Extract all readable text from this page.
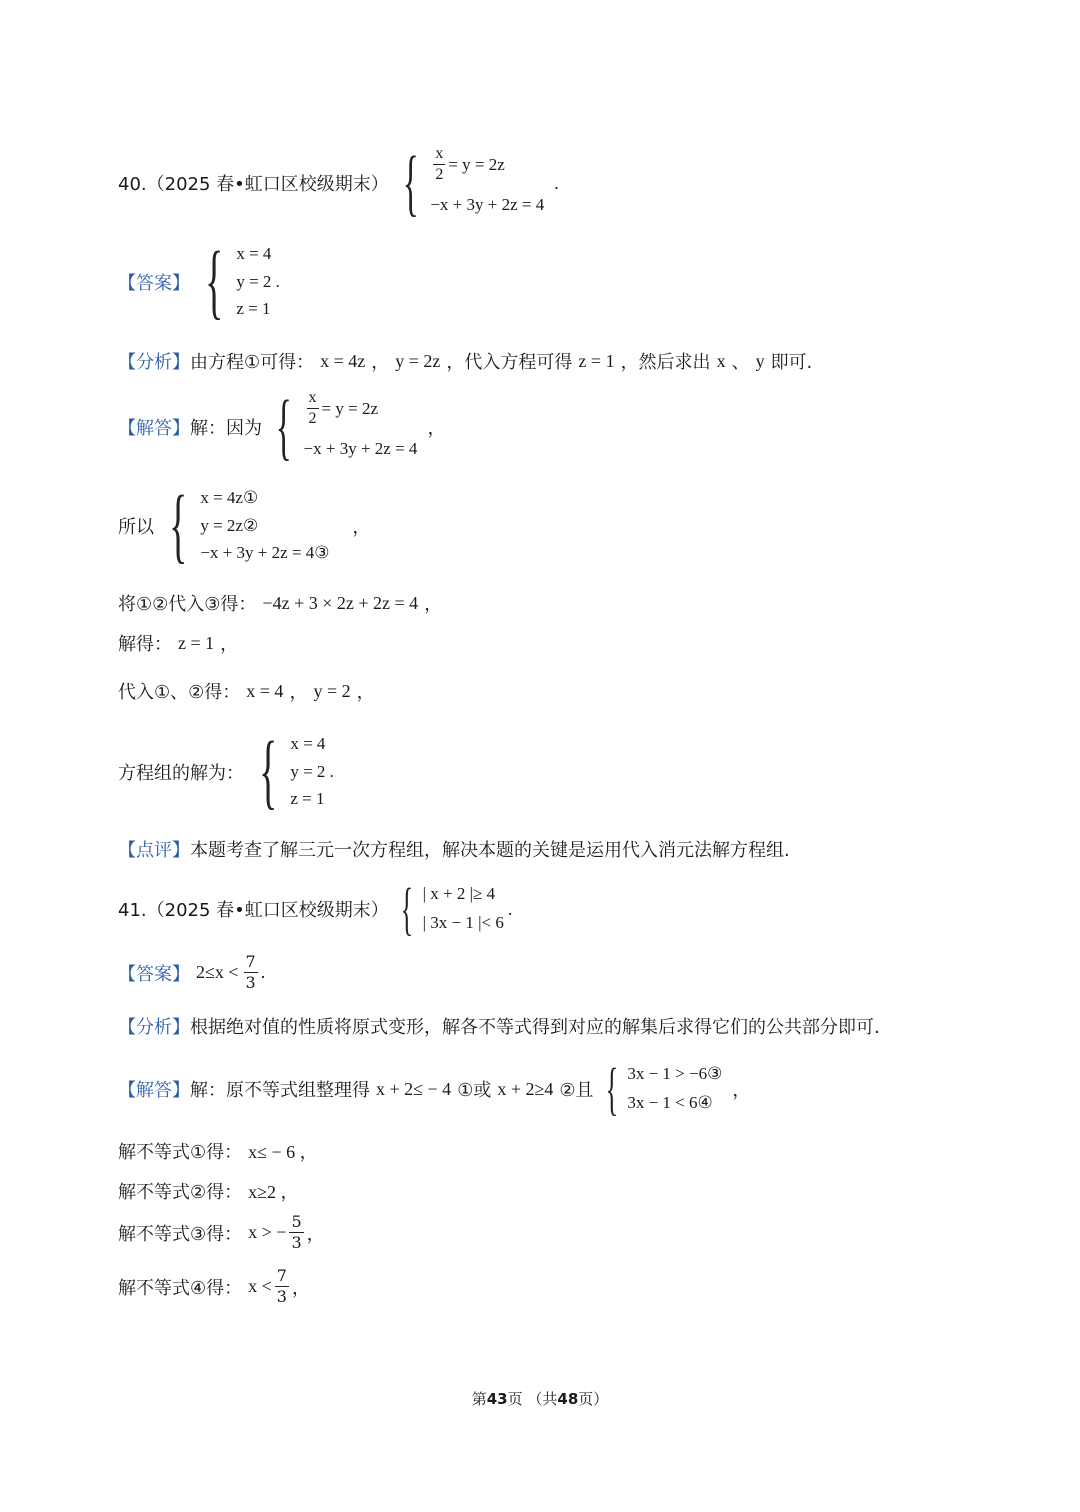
40.（2025 春•虹口区校级期末） { $\frac{x}{2} = y = 2z$
−x + 3y + 2z = 4
.
【答案】 { x = 4
y = 2 .
z = 1
【分析】 由方程①可得： x = 4z ， y = 2z ，代入方程可得 z = 1 ，然后求出 x 、 y 即可.
【解答】 解：因为 { $\frac{x}{2} = y = 2z$
−x + 3y + 2z = 4
，
所以 { x = 4z①
y = 2z②
−x + 3y + 2z = 4③
，
将①②代入③得： −4z + 3 × 2z + 2z = 4 ，
解得： z = 1 ，
代入①、②得： x = 4 ， y = 2 ，
方程组的解为： { x = 4
y = 2 .
z = 1
【点评】 本题考查了解三元一次方程组，解决本题的关键是运用代入消元法解方程组.
41.（2025 春•虹口区校级期末） { | x + 2 |≥ 4
| 3x − 1 |< 6
.
【答案】 $2\le x < \frac{7}{3}$ .
【分析】 根据绝对值的性质将原式变形，解各不等式得到对应的解集后求得它们的公共部分即可.
【解答】 解：原不等式组整理得 x + 2≤ − 4 ①或 x + 2≥4 ②且 { 3x − 1 > −6③
3x − 1 < 6④
，
解不等式①得： x≤ − 6 ，
解不等式②得： x≥2 ，
解不等式③得： x > − $\frac{5}{3}$ ，
解不等式④得： $x < \frac{7}{3}$ ，
第43页 （共48页）
